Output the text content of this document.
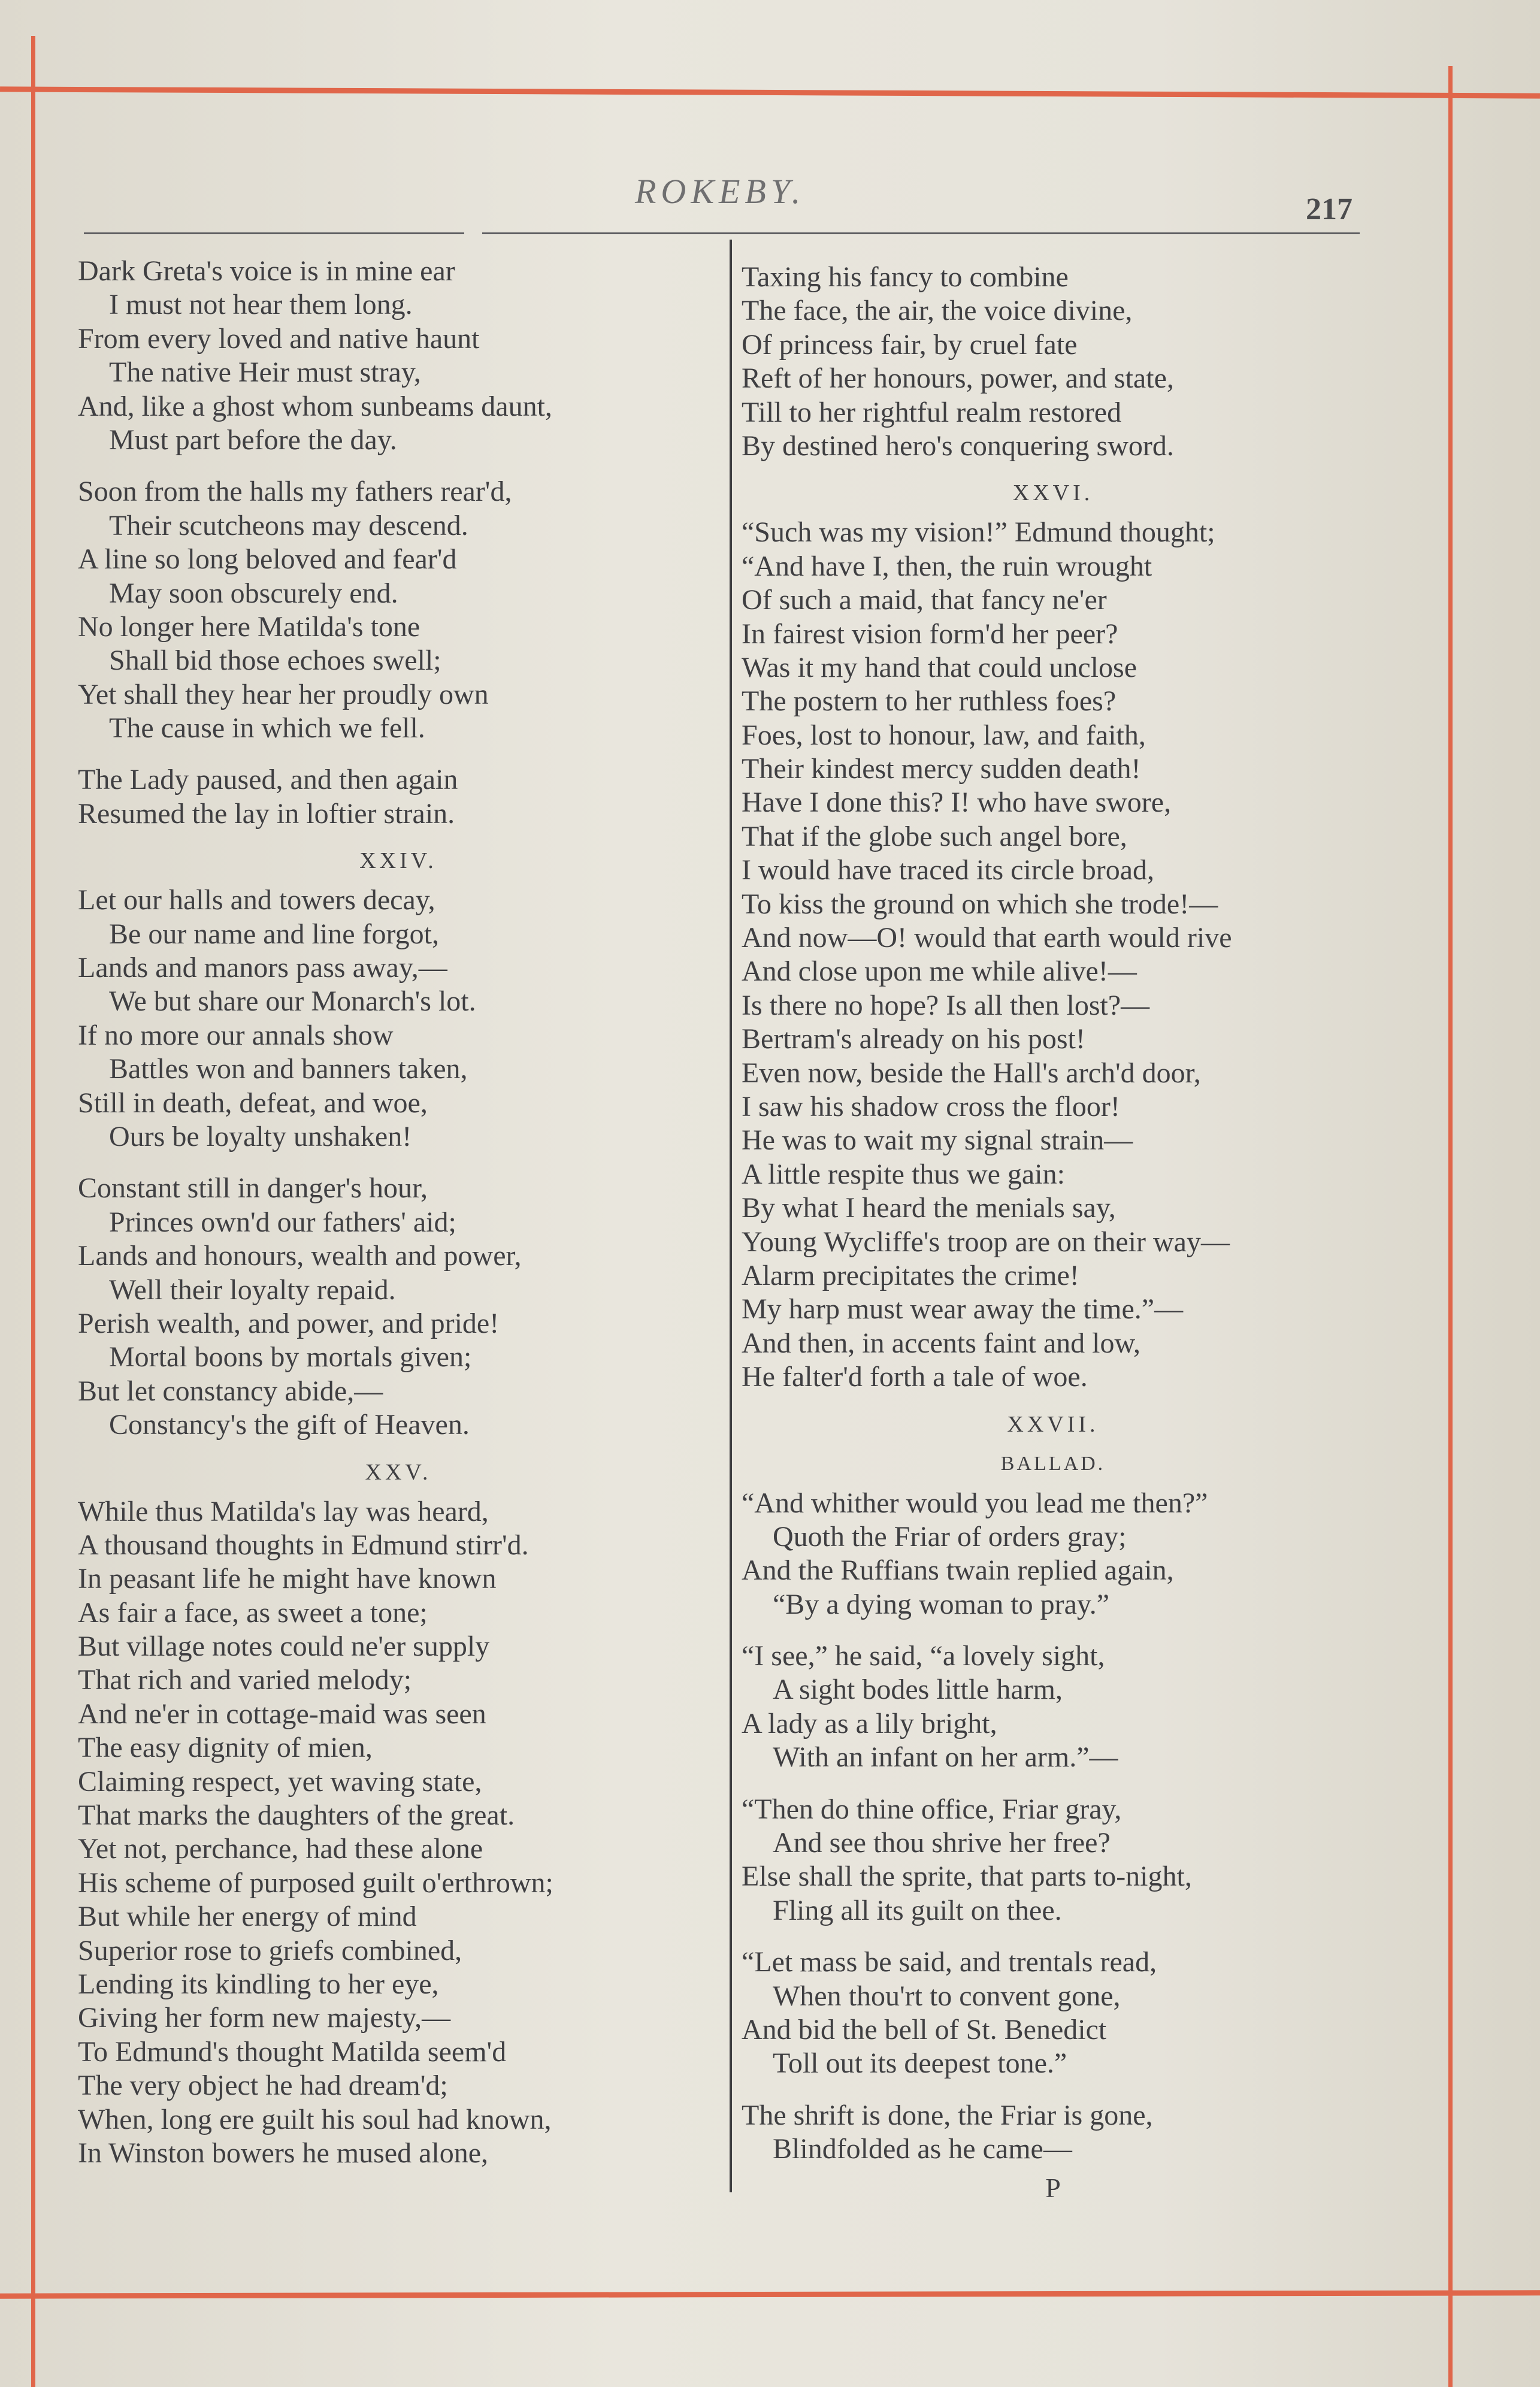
ROKEBY.	217
Dark Greta's voice is in mine ear
I must not hear them long.
From every loved and native haunt
The native Heir must stray,
And, like a ghost whom sunbeams daunt,
Must part before the day.
Soon from the halls my fathers rear'd,
Their scutcheons may descend.
A line so long beloved and fear'd
May soon obscurely end.
No longer here Matilda's tone
Shall bid those echoes swell;
Yet shall they hear her proudly own
The cause in which we fell.
The Lady paused, and then again
Resumed the lay in loftier strain.
XXIV.
Let our halls and towers decay,
Be our name and line forgot,
Lands and manors pass away,—
We but share our Monarch's lot.
If no more our annals show
Battles won and banners taken,
Still in death, defeat, and woe,
Ours be loyalty unshaken!
Constant still in danger's hour,
Princes own'd our fathers' aid;
Lands and honours, wealth and power,
Well their loyalty repaid.
Perish wealth, and power, and pride!
Mortal boons by mortals given;
But let constancy abide,—
Constancy's the gift of Heaven.
XXV.
While thus Matilda's lay was heard,
A thousand thoughts in Edmund stirr'd.
In peasant life he might have known
As fair a face, as sweet a tone;
But village notes could ne'er supply
That rich and varied melody;
And ne'er in cottage-maid was seen
The easy dignity of mien,
Claiming respect, yet waving state,
That marks the daughters of the great.
Yet not, perchance, had these alone
His scheme of purposed guilt o'erthrown;
But while her energy of mind
Superior rose to griefs combined,
Lending its kindling to her eye,
Giving her form new majesty,—
To Edmund's thought Matilda seem'd
The very object he had dream'd;
When, long ere guilt his soul had known,
In Winston bowers he mused alone,
Taxing his fancy to combine
The face, the air, the voice divine,
Of princess fair, by cruel fate
Reft of her honours, power, and state,
Till to her rightful realm restored
By destined hero's conquering sword.
XXVI.
“Such was my vision!” Edmund thought;
“And have I, then, the ruin wrought
Of such a maid, that fancy ne'er
In fairest vision form'd her peer?
Was it my hand that could unclose
The postern to her ruthless foes?
Foes, lost to honour, law, and faith,
Their kindest mercy sudden death!
Have I done this? I! who have swore,
That if the globe such angel bore,
I would have traced its circle broad,
To kiss the ground on which she trode!—
And now—O! would that earth would rive
And close upon me while alive!—
Is there no hope? Is all then lost?—
Bertram's already on his post!
Even now, beside the Hall's arch'd door,
I saw his shadow cross the floor!
He was to wait my signal strain—
A little respite thus we gain:
By what I heard the menials say,
Young Wycliffe's troop are on their way—
Alarm precipitates the crime!
My harp must wear away the time.”—
And then, in accents faint and low,
He falter'd forth a tale of woe.
XXVII.
BALLAD.
“And whither would you lead me then?”
Quoth the Friar of orders gray;
And the Ruffians twain replied again,
“By a dying woman to pray.”
“I see,” he said, “a lovely sight,
A sight bodes little harm,
A lady as a lily bright,
With an infant on her arm.”—
“Then do thine office, Friar gray,
And see thou shrive her free?
Else shall the sprite, that parts to-night,
Fling all its guilt on thee.
“Let mass be said, and trentals read,
When thou'rt to convent gone,
And bid the bell of St. Benedict
Toll out its deepest tone.”
The shrift is done, the Friar is gone,
Blindfolded as he came—
P
